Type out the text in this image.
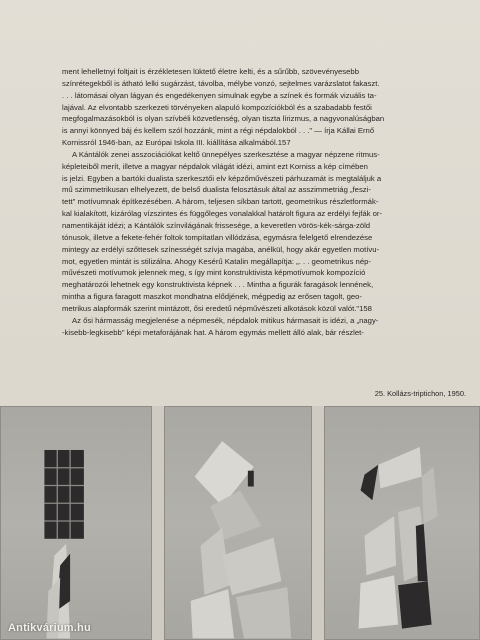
ment lehelletnyi foltjait is érzékletesen lüktető életre kelti, és a sűrűbb, szövevényesebb
színrétegekből is átható lelki sugárzást, távolba, mélybe vonzó, sejtelmes varázslatot fakaszt.
. . . látomásai olyan lágyan és engedékenyen simulnak egybe a színek és formák vizuális ta-
lajával. Az elvontabb szerkezeti törvényeken alapuló kompozíciókból és a szabadabb festői
megfogalmazásokból is olyan szívbéli közvetlenség, olyan tiszta lírizmus, a nagyvonalúságban
is annyi könnyed báj és kellem szól hozzánk, mint a régi népdalokból . . ." — írja Kállai Ernő
Kornissról 1946-ban, az Európai Iskola III. kiállítása alkalmából.157
A Kántálók zenei asszociációkat keltő ünnepélyes szerkesztése a magyar népzene ritmus-
képleteiből merít, illetve a magyar népdalok világát idézi, amint ezt Korniss a kép címében
is jelzi. Egyben a bartóki dualista szerkesztői elv képzőművészeti párhuzamát is megtaláljuk a
mű szimmetrikusan elhelyezett, de belső dualista felosztásuk által az asszimmetriág „feszi-
tett" motívumnak építkezésében. A három, teljesen síkban tartott, geometrikus részletformák-
kal kialakított, kizárólag vízszintes és függőleges vonalakkal határolt figura az erdélyi fejfák or-
namentikáját idézi; a Kántálók színvilágának frissesége, a keveretlen vörös-kék-sárga-zöld
tónusok, illetve a fekete-fehér foltok tompítatlan villódzása, egymásra felelgető elrendezése
mintegy az erdélyi szőttesek színességét szívja magába, anélkül, hogy akár egyetlen motívu-
mot, egyetlen mintát is stilizálna. Ahogy Kesérű Katalin megállapítja: „. . . geometrikus nép-
művészeti motívumok jelennek meg, s így mint konstruktivista képmotívumok kompozíció
meghatározói lehetnek egy konstruktivista képnek . . . Mintha a figurák faragások lennének,
mintha a figura faragott maszkot mondhatna elődjének, mégpedig az erősen tagolt, geo-
metrikus alapformák szerint mintázott, ősi eredetű népművészeti alkotások közül valót."158
Az ősi hármasság megjelenése a népmesék, népdalok mitikus hármasait is idézi, a „nagy-
-kisebb-legkisebb" képi metaforájának hat. A három egymás mellett álló alak, bár részlet-
25. Kollázs-triptichon, 1950.
Antikvárium.hu
